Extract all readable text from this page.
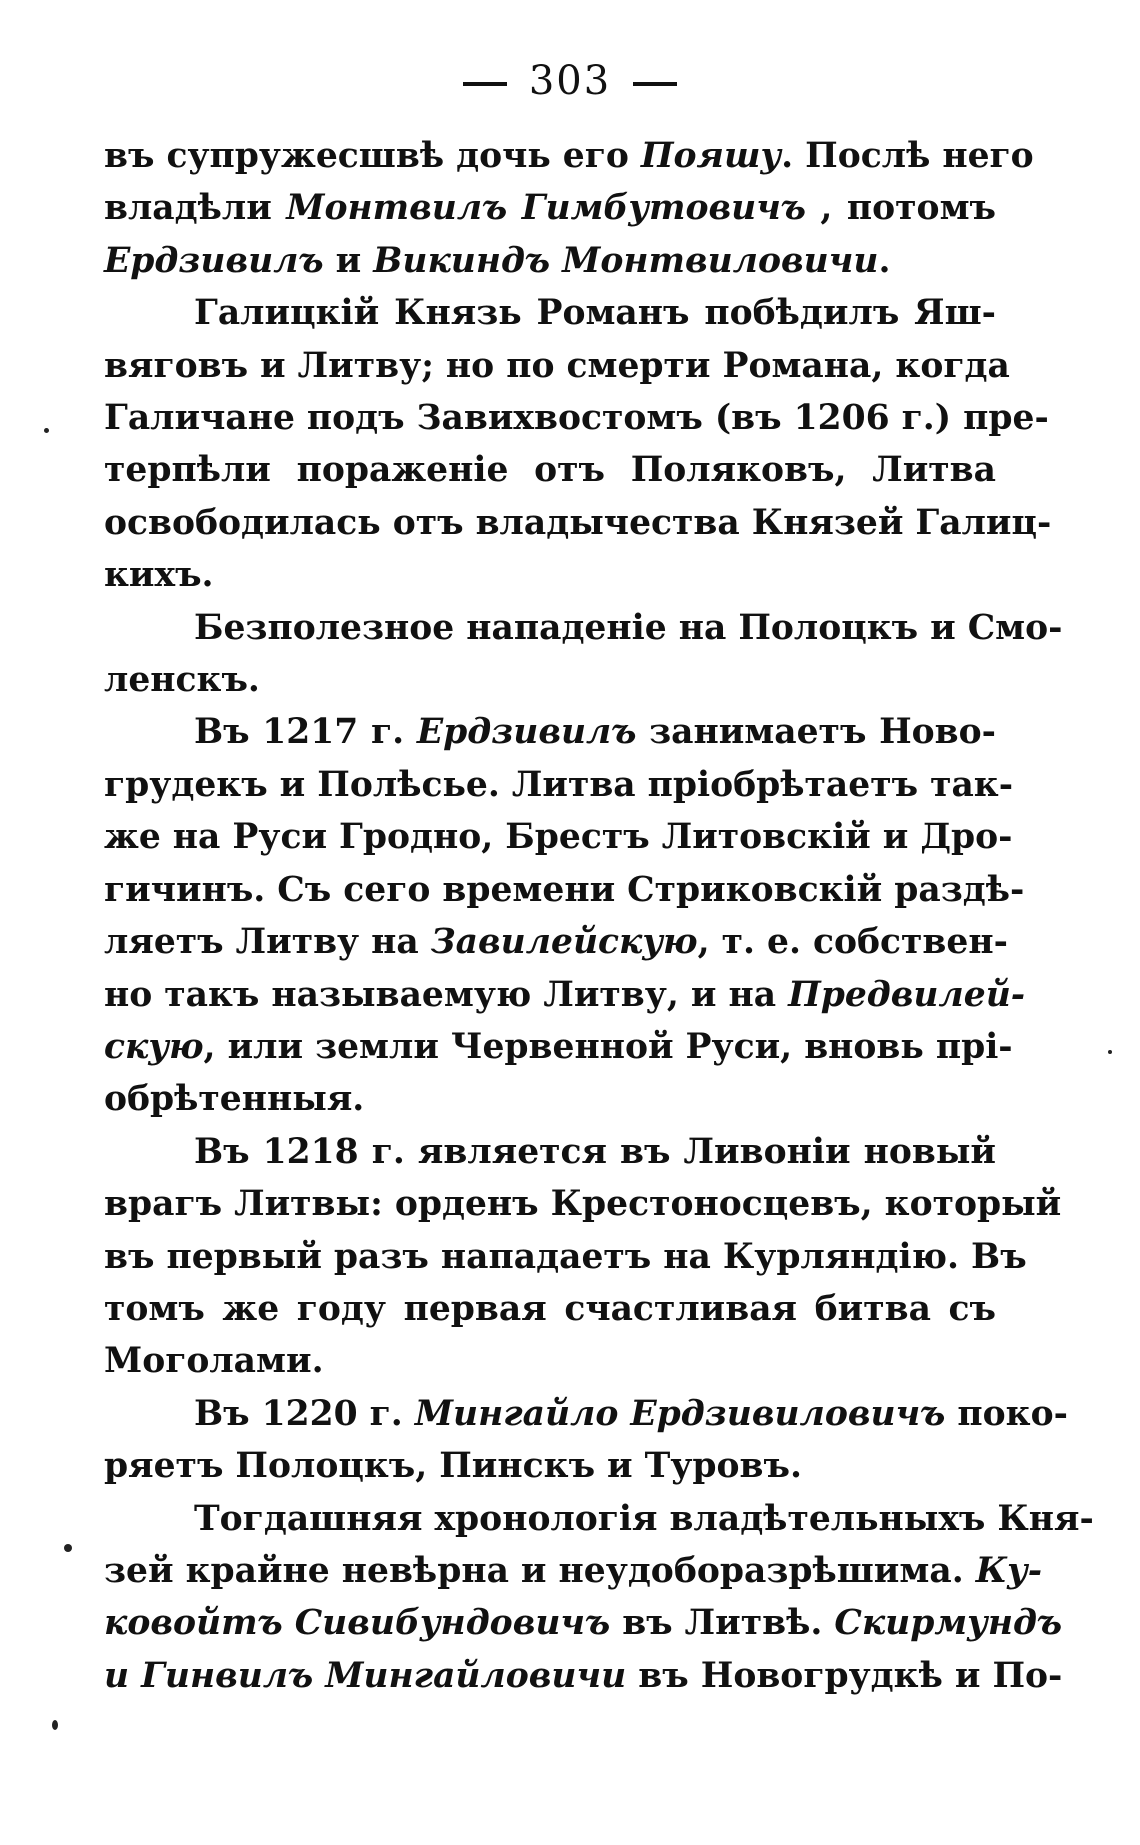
303
въ супружесшвѣ дочь его Пояшу. Послѣ него
владѣли Монтвилъ Гимбутовичъ , потомъ
Ердзивилъ и Викиндъ Монтвиловичи.
Галицкій Князь Романъ побѣдилъ Яш-
вяговъ и Литву; но по смерти Романа, когда
Галичане подъ Завихвостомъ (въ 1206 г.) пре-
терпѣли пораженіе отъ Поляковъ, Литва
освободилась отъ владычества Князей Галиц-
кихъ.
Безполезное нападеніе на Полоцкъ и Смо-
ленскъ.
Въ 1217 г. Ердзивилъ занимаетъ Ново-
грудекъ и Полѣсье. Литва пріобрѣтаетъ так-
же на Руси Гродно, Брестъ Литовскій и Дро-
гичинъ. Съ сего времени Стриковскій раздѣ-
ляетъ Литву на Завилейскую, т. е. собствен-
но такъ называемую Литву, и на Предвилей-
скую, или земли Червенной Руси, вновь прі-
обрѣтенныя.
Въ 1218 г. является въ Ливоніи новый
врагъ Литвы: орденъ Крестоносцевъ, который
въ первый разъ нападаетъ на Курляндію. Въ
томъ же году первая счастливая битва съ
Моголами.
Въ 1220 г. Мингайло Ердзивиловичъ поко-
ряетъ Полоцкъ, Пинскъ и Туровъ.
Тогдашняя хронологія владѣтельныхъ Кня-
зей крайне невѣрна и неудоборазрѣшима. Ку-
ковойтъ Сивибундовичъ въ Литвѣ. Скирмундъ
и Гинвилъ Мингайловичи въ Новогрудкѣ и По-
